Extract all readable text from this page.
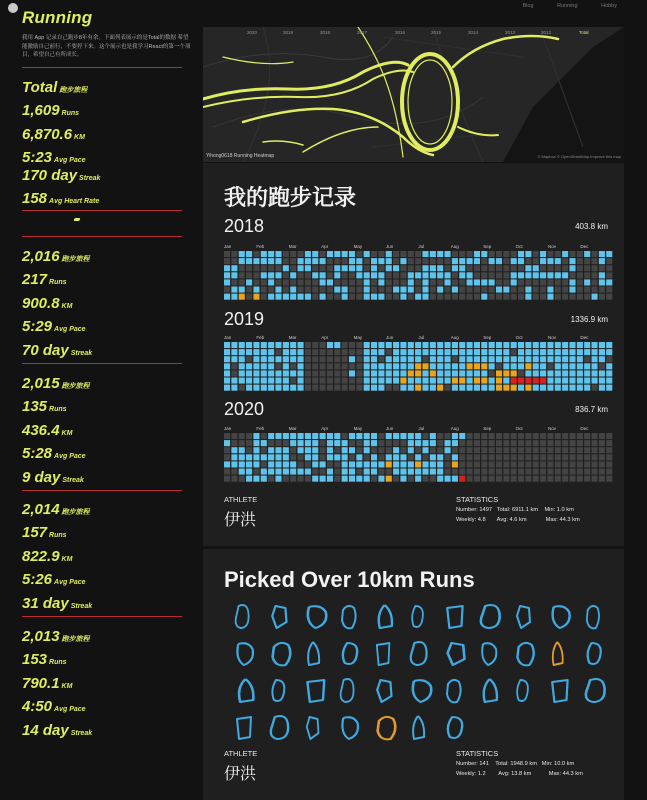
Running
我用 App 记录自己跑步8年有余。下面列表展示的是Total的数据 希望能激励自己前行，不要停下来。这个展示也是我学习React的第一个项目，希望自己有所成长。
Total 跑步旅程
1,609 Runs
6,870.6 KM
5:23 Avg Pace
170 day Streak
158 Avg Heart Rate
2,016 跑步旅程
217 Runs
900.8 KM
5:29 Avg Pace
70 day Streak
2,015 跑步旅程
135 Runs
436.4 KM
5:28 Avg Pace
9 day Streak
2,014 跑步旅程
157 Runs
822.9 KM
5:26 Avg Pace
31 day Streak
2,013 跑步旅程
153 Runs
790.1 KM
4:50 Avg Pace
14 day Streak
Blog	Running	Hobby
2020	2019	2018	2017	2016	2015	2014	2013	2012	Total
Yihong0618 Running Heatmap	© Mapbox © OpenStreetMap Improve this map
我的跑步记录
2018	403.8 km
Jan	Feb	Mar	Apr	May	Jun	Jul	Aug	Sep	Oct	Nov	Dec
2019	1336.9 km
Jan	Feb	Mar	Apr	May	Jun	Jul	Aug	Sep	Oct	Nov	Dec
2020	836.7 km
Jan	Feb	Mar	Apr	May	Jun	Jul	Aug	Sep	Oct	Nov	Dec
ATHLETE
伊洪
STATISTICS
Number: 1497 Total: 6911.1 km Min: 1.0 km
Weekly: 4.8 Avg: 4.6 km	Max: 44.3 km
Picked Over 10km Runs
ATHLETE
伊洪
STATISTICS
Number: 141 Total: 1948.9 km Min: 10.0 km
Weekly: 1.2 Avg: 13.8 km	Max: 44.3 km
